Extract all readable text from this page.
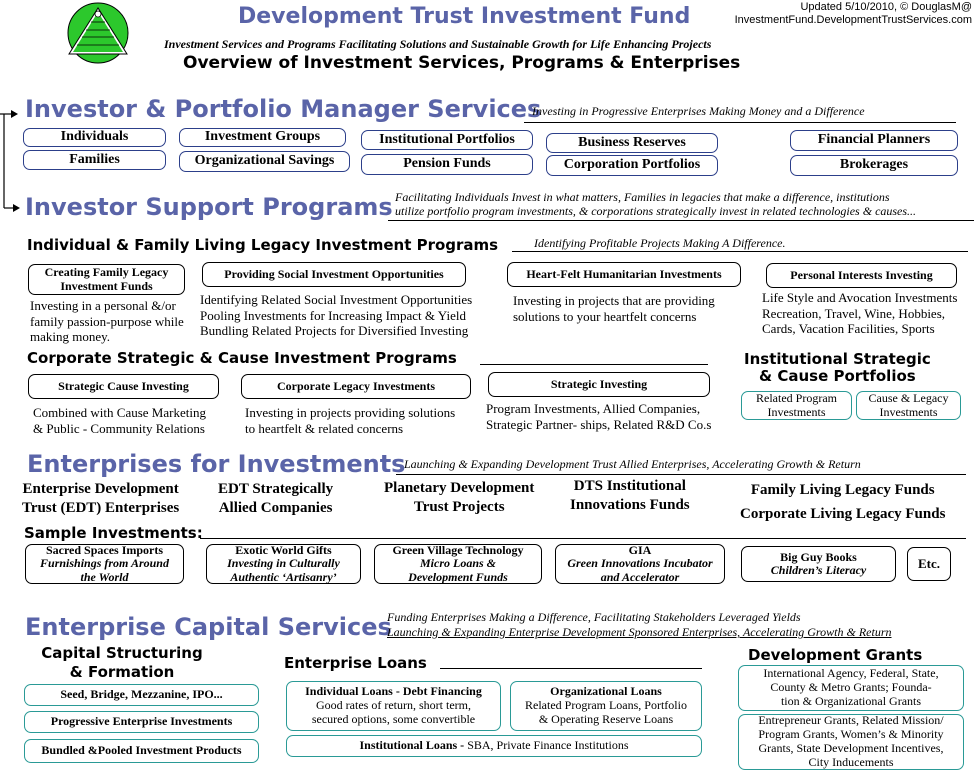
Development Trust Investment Fund
Investment Services and Programs Facilitating Solutions and Sustainable Growth for Life Enhancing Projects
Overview of Investment Services, Programs & Enterprises
Updated 5/10/2010, © DouglasM@
InvestmentFund.DevelopmentTrustServices.com
Investor & Portfolio Manager Services
Investing in Progressive Enterprises Making Money and a Difference
Individuals
Families
Investment Groups
Organizational Savings
Institutional Portfolios
Pension Funds
Business Reserves
Corporation Portfolios
Financial Planners
Brokerages
Investor Support Programs Facilitating Individuals Invest in what matters, Families in legacies that make a difference, institutions
utilize portfolio program investments, & corporations strategically invest in related technologies & causes...
Individual & Family Living Legacy Investment Programs	Identifying Profitable Projects Making A Difference.
Creating Family Legacy
Investment Funds
Investing in a personal &/or
family passion-purpose while
making money.
Providing Social Investment Opportunities
Identifying Related Social Investment Opportunities
Pooling Investments for Increasing Impact & Yield
Bundling Related Projects for Diversified Investing
Heart-Felt Humanitarian Investments
Investing in projects that are providing
solutions to your heartfelt concerns
Personal Interests Investing
Life Style and Avocation Investments
Recreation, Travel, Wine, Hobbies,
Cards, Vacation Facilities, Sports
Corporate Strategic & Cause Investment Programs
Strategic Cause Investing
Combined with Cause Marketing
& Public - Community Relations
Corporate Legacy Investments
Investing in projects providing solutions
to heartfelt & related concerns
Strategic Investing
Program Investments, Allied Companies,
Strategic Partner- ships, Related R&D Co.s
Institutional Strategic
& Cause Portfolios
Related Program
Investments
Cause & Legacy
Investments
Enterprises for Investments
Launching & Expanding Development Trust Allied Enterprises, Accelerating Growth & Return
Enterprise Development
Trust (EDT) Enterprises
EDT Strategically
Allied Companies
Planetary Development
Trust Projects
DTS Institutional
Innovations Funds
Family Living Legacy Funds
Corporate Living Legacy Funds
Sample Investments:
Sacred Spaces Imports
Furnishings from Around
the World
Exotic World Gifts
Investing in Culturally
Authentic ‘Artisanry’
Green Village Technology
Micro Loans &
Development Funds
GIA
Green Innovations Incubator
and Accelerator
Big Guy Books
Children’s Literacy	Etc.
Enterprise Capital Services
Funding Enterprises Making a Difference, Facilitating Stakeholders Leveraged Yields
Launching & Expanding Enterprise Development Sponsored Enterprises, Accelerating Growth & Return
Capital Structuring
& Formation
Seed, Bridge, Mezzanine, IPO...
Progressive Enterprise Investments
Bundled &Pooled Investment Products
Enterprise Loans
Individual Loans - Debt Financing
Good rates of return, short term,
secured options, some convertible
Organizational Loans
Related Program Loans, Portfolio
& Operating Reserve Loans
Institutional Loans - SBA, Private Finance Institutions
Development Grants
International Agency, Federal, State,
County & Metro Grants; Founda-
tion & Organizational Grants
Entrepreneur Grants, Related Mission/
Program Grants, Women’s & Minority
Grants, State Development Incentives,
City Inducements
